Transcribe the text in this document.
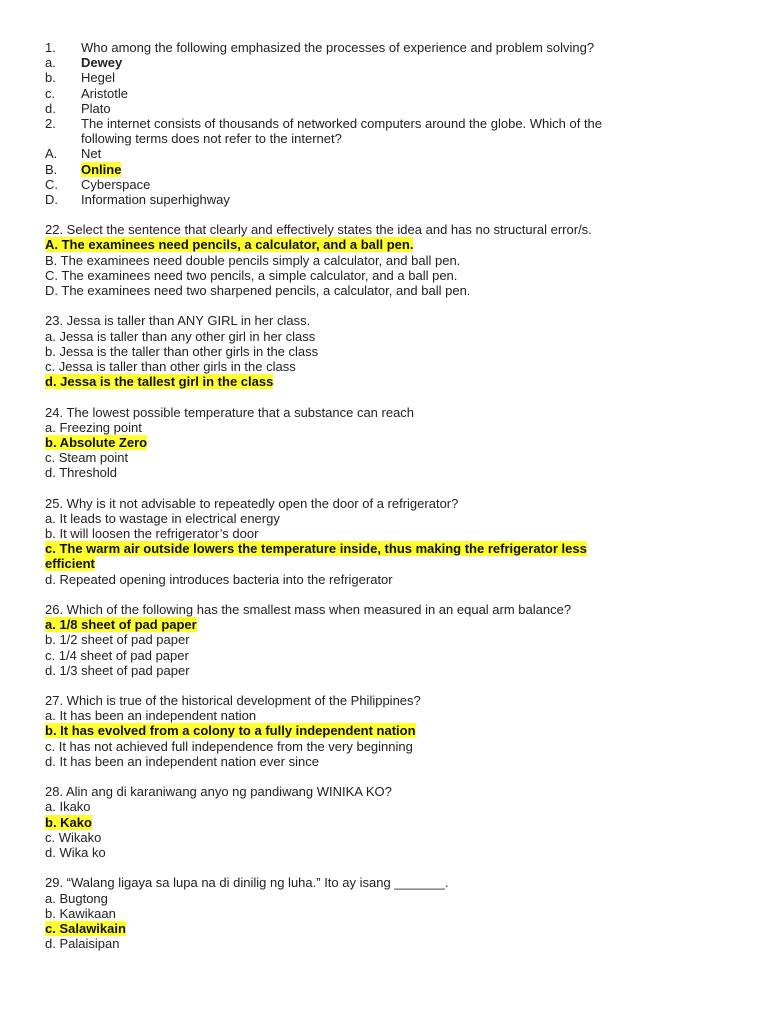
1. Who among the following emphasized the processes of experience and problem solving?
a. Dewey
b. Hegel
c. Aristotle
d. Plato
2. The internet consists of thousands of networked computers around the globe. Which of the
following terms does not refer to the internet?
A. Net
B. Online
C. Cyberspace
D. Information superhighway
22. Select the sentence that clearly and effectively states the idea and has no structural error/s.
A. The examinees need pencils, a calculator, and a ball pen.
B. The examinees need double pencils simply a calculator, and ball pen.
C. The examinees need two pencils, a simple calculator, and a ball pen.
D. The examinees need two sharpened pencils, a calculator, and ball pen.
23. Jessa is taller than ANY GIRL in her class.
a. Jessa is taller than any other girl in her class
b. Jessa is the taller than other girls in the class
c. Jessa is taller than other girls in the class
d. Jessa is the tallest girl in the class
24. The lowest possible temperature that a substance can reach
a. Freezing point
b. Absolute Zero
c. Steam point
d. Threshold
25. Why is it not advisable to repeatedly open the door of a refrigerator?
a. It leads to wastage in electrical energy
b. It will loosen the refrigerator’s door
c. The warm air outside lowers the temperature inside, thus making the refrigerator less
efficient
d. Repeated opening introduces bacteria into the refrigerator
26. Which of the following has the smallest mass when measured in an equal arm balance?
a. 1/8 sheet of pad paper
b. 1/2 sheet of pad paper
c. 1/4 sheet of pad paper
d. 1/3 sheet of pad paper
27. Which is true of the historical development of the Philippines?
a. It has been an independent nation
b. It has evolved from a colony to a fully independent nation
c. It has not achieved full independence from the very beginning
d. It has been an independent nation ever since
28. Alin ang di karaniwang anyo ng pandiwang WINIKA KO?
a. Ikako
b. Kako
c. Wikako
d. Wika ko
29. “Walang ligaya sa lupa na di dinilig ng luha.” Ito ay isang _______.
a. Bugtong
b. Kawikaan
c. Salawikain
d. Palaisipan
